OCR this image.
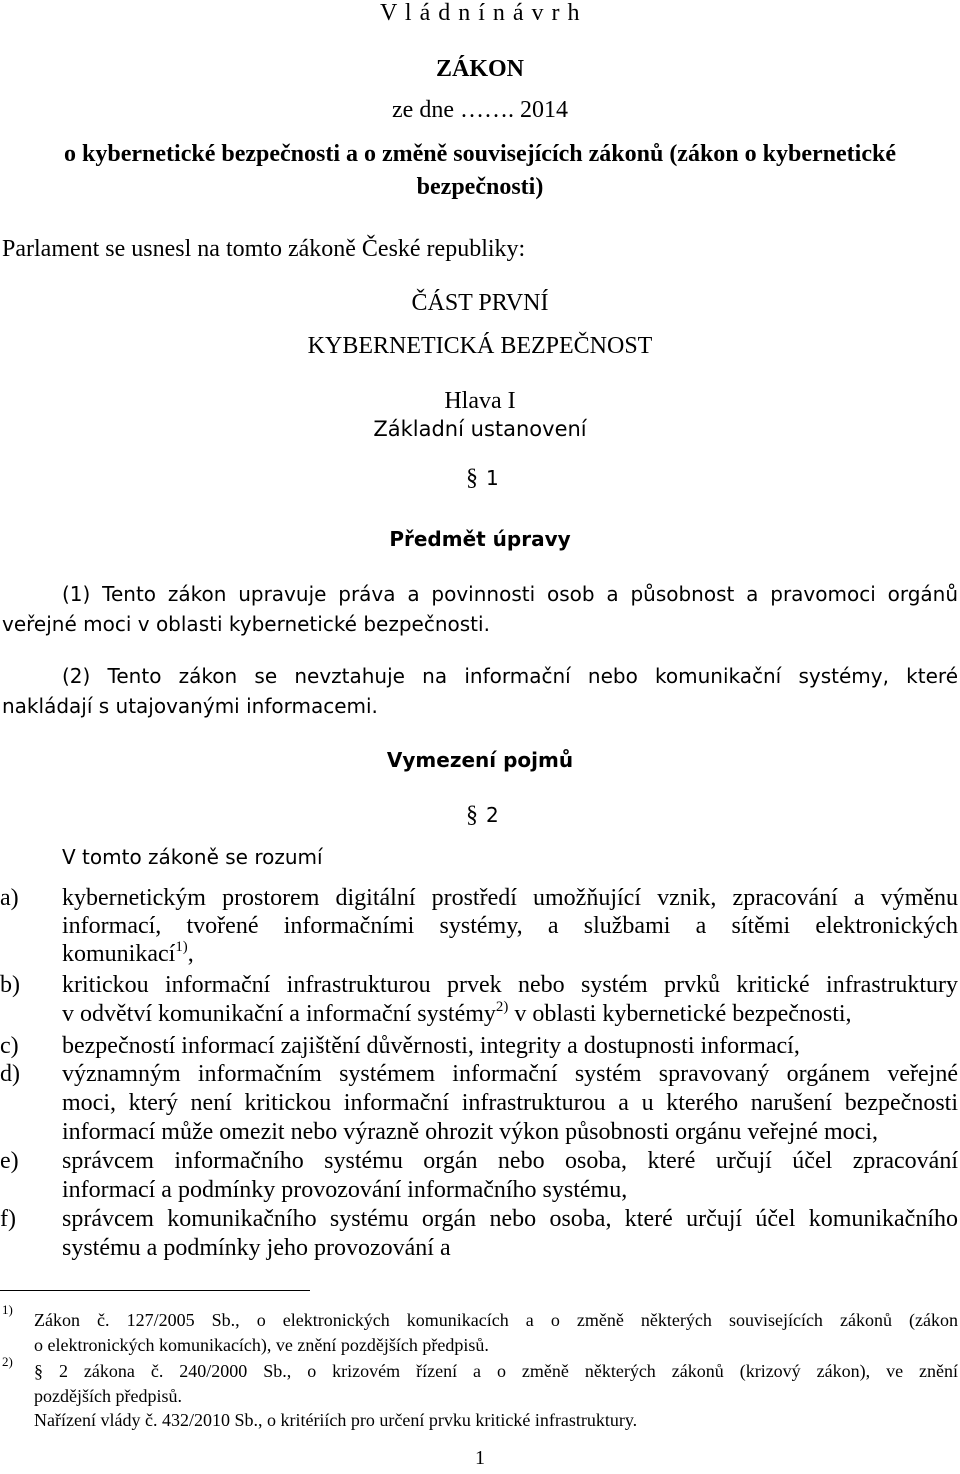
V l á d n í n á v r h
ZÁKON
ze dne ……. 2014
o kybernetické bezpečnosti a o změně souvisejících zákonů (zákon o kybernetické
bezpečnosti)
Parlament se usnesl na tomto zákoně České republiky:
ČÁST PRVNÍ
KYBERNETICKÁ BEZPEČNOST
Hlava I
Základní ustanovení
§ 1
Předmět úpravy
(1) Tento zákon upravuje práva a povinnosti osob a působnost a pravomoci orgánů
veřejné moci v oblasti kybernetické bezpečnosti.
(2) Tento zákon se nevztahuje na informační nebo komunikační systémy, které
nakládají s utajovanými informacemi.
Vymezení pojmů
§ 2
V tomto zákoně se rozumí
a)	kybernetickým prostorem digitální prostředí umožňující vznik, zpracování a výměnu
informací, tvořené informačními systémy, a službami a sítěmi elektronických
komunikací$^{1)}$,
b)	kritickou informační infrastrukturou prvek nebo systém prvků kritické infrastruktury
v odvětví komunikační a informační systémy$^{2)}$ v oblasti kybernetické bezpečnosti,
c)	bezpečností informací zajištění důvěrnosti, integrity a dostupnosti informací,
d)	významným informačním systémem informační systém spravovaný orgánem veřejné
moci, který není kritickou informační infrastrukturou a u kterého narušení bezpečnosti
informací může omezit nebo výrazně ohrozit výkon působnosti orgánu veřejné moci,
e)	správcem informačního systému orgán nebo osoba, které určují účel zpracování
informací a podmínky provozování informačního systému,
f)	správcem komunikačního systému orgán nebo osoba, které určují účel komunikačního
systému a podmínky jeho provozování a
1)
Zákon č. 127/2005 Sb., o elektronických komunikacích a o změně některých souvisejících zákonů (zákon
o elektronických komunikacích), ve znění pozdějších předpisů.
2) § 2 zákona č. 240/2000 Sb., o krizovém řízení a o změně některých zákonů (krizový zákon), ve znění
pozdějších předpisů.
Nařízení vlády č. 432/2010 Sb., o kritériích pro určení prvku kritické infrastruktury.
1
